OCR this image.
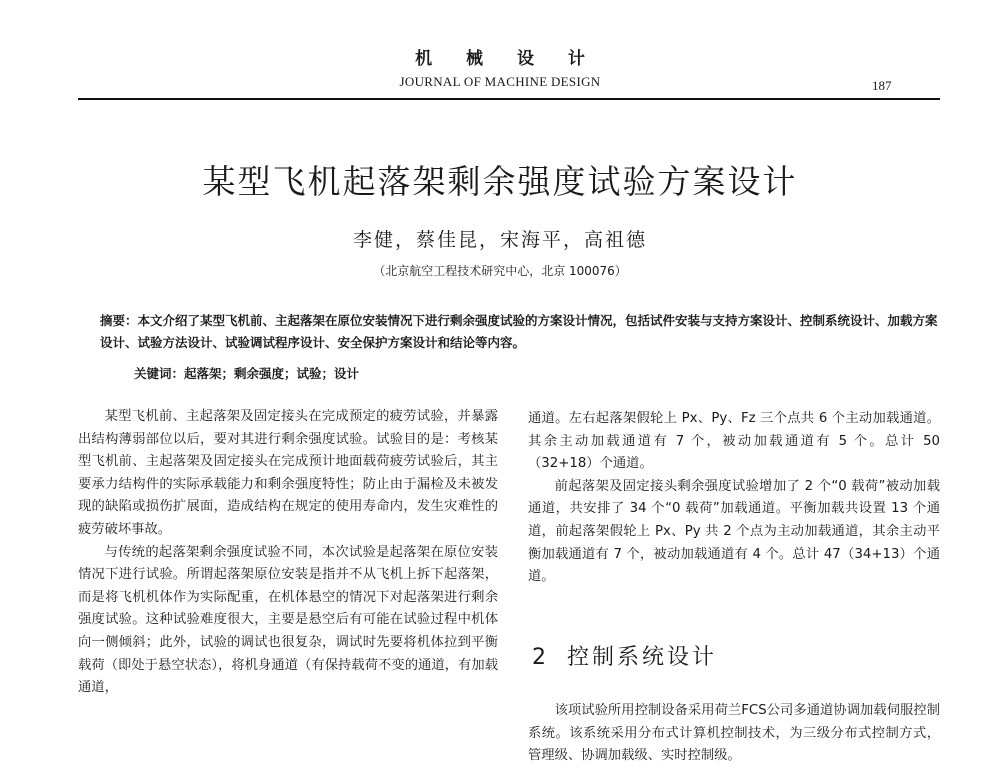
机 械 设 计
JOURNAL OF MACHINE DESIGN	187
某型飞机起落架剩余强度试验方案设计
李健，蔡佳昆，宋海平，高祖德
（北京航空工程技术研究中心，北京 100076）
摘要：本文介绍了某型飞机前、主起落架在原位安装情况下进行剩余强度试验的方案设计情况，包括试件安装与支持方案设计、控制系统设计、加载方案设计、试验方法设计、试验调试程序设计、安全保护方案设计和结论等内容。
关键词：起落架；剩余强度；试验；设计

某型飞机前、主起落架及固定接头在完成预定的疲劳试验，并暴露出结构薄弱部位以后，要对其进行剩余强度试验。试验目的是：考核某型飞机前、主起落架及固定接头在完成预计地面载荷疲劳试验后，其主要承力结构件的实际承载能力和剩余强度特性；防止由于漏检及未被发现的缺陷或损伤扩展面，造成结构在规定的使用寿命内，发生灾难性的疲劳破坏事故。

与传统的起落架剩余强度试验不同，本次试验是起落架在原位安装情况下进行试验。所谓起落架原位安装是指并不从飞机上拆下起落架，而是将飞机机体作为实际配重，在机体悬空的情况下对起落架进行剩余强度试验。这种试验难度很大，主要是悬空后有可能在试验过程中机体向一侧倾斜；此外，试验的调试也很复杂，调试时先要将机体拉到平衡载荷（即处于悬空状态），将机身通道（有保持载荷不变的通道，有加载通道，

通道。左右起落架假轮上 Px、Py、Fz 三个点共 6 个主动加载通道。其余主动加载通道有 7 个，被动加载通道有 5 个。总计 50（32+18）个通道。

前起落架及固定接头剩余强度试验增加了 2 个“0 载荷”被动加载通道，共安排了 34 个“0 载荷”加载通道。平衡加载共设置 13 个通道，前起落架假轮上 Px、Py 共 2 个点为主动加载通道，其余主动平衡加载通道有 7 个，被动加载通道有 4 个。总计 47（34+13）个通道。

2 控制系统设计

该项试验所用控制设备采用荷兰FCS公司多通道协调加载伺服控制系统。该系统采用分布式计算机控制技术，为三级分布式控制方式，管理级、协调加载级、实时控制级。
